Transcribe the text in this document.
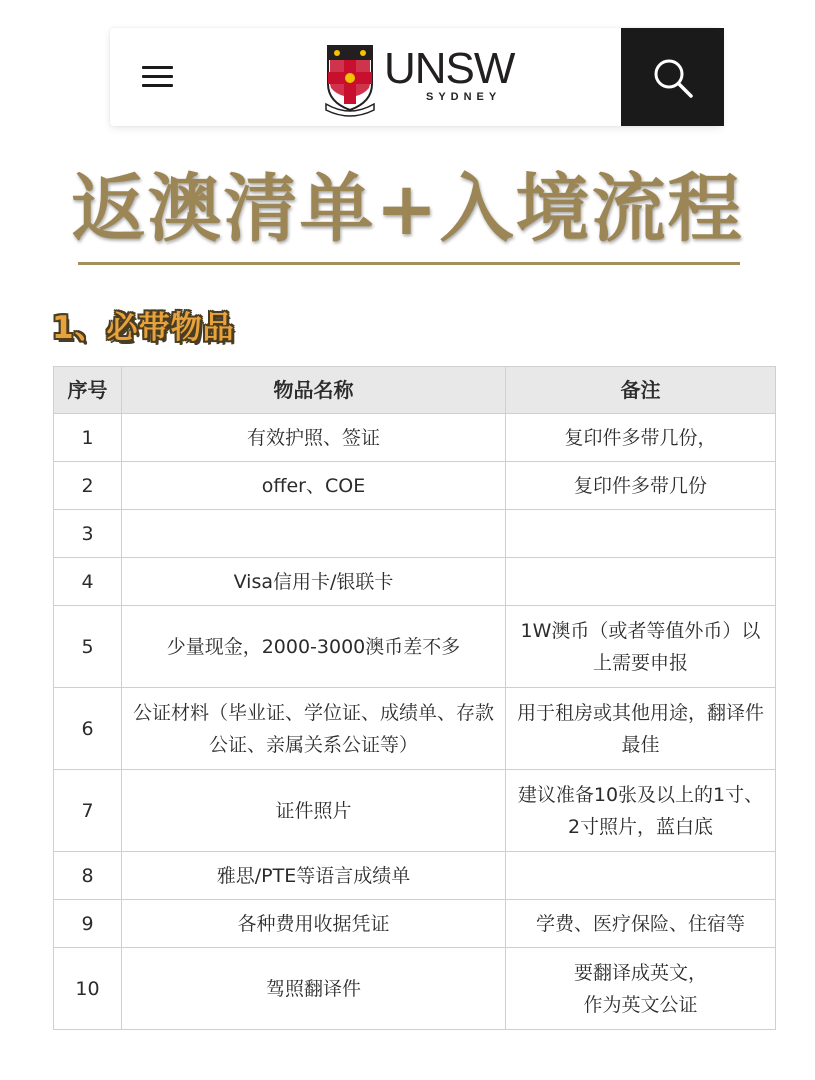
UNSW
SYDNEY
返澳清单+入境流程
1、必带物品
序号	物品名称	备注
1	有效护照、签证	复印件多带几份，
2	offer、COE	复印件多带几份
3		
4	Visa信用卡/银联卡	
5	少量现金，2000-3000澳币差不多	1W澳币（或者等值外币）以上需要申报
6	公证材料（毕业证、学位证、成绩单、存款公证、亲属关系公证等）	用于租房或其他用途，翻译件最佳
7	证件照片	建议准备10张及以上的1寸、2寸照片，蓝白底
8	雅思/PTE等语言成绩单	
9	各种费用收据凭证	学费、医疗保险、住宿等
10	驾照翻译件	要翻译成英文，
作为英文公证
